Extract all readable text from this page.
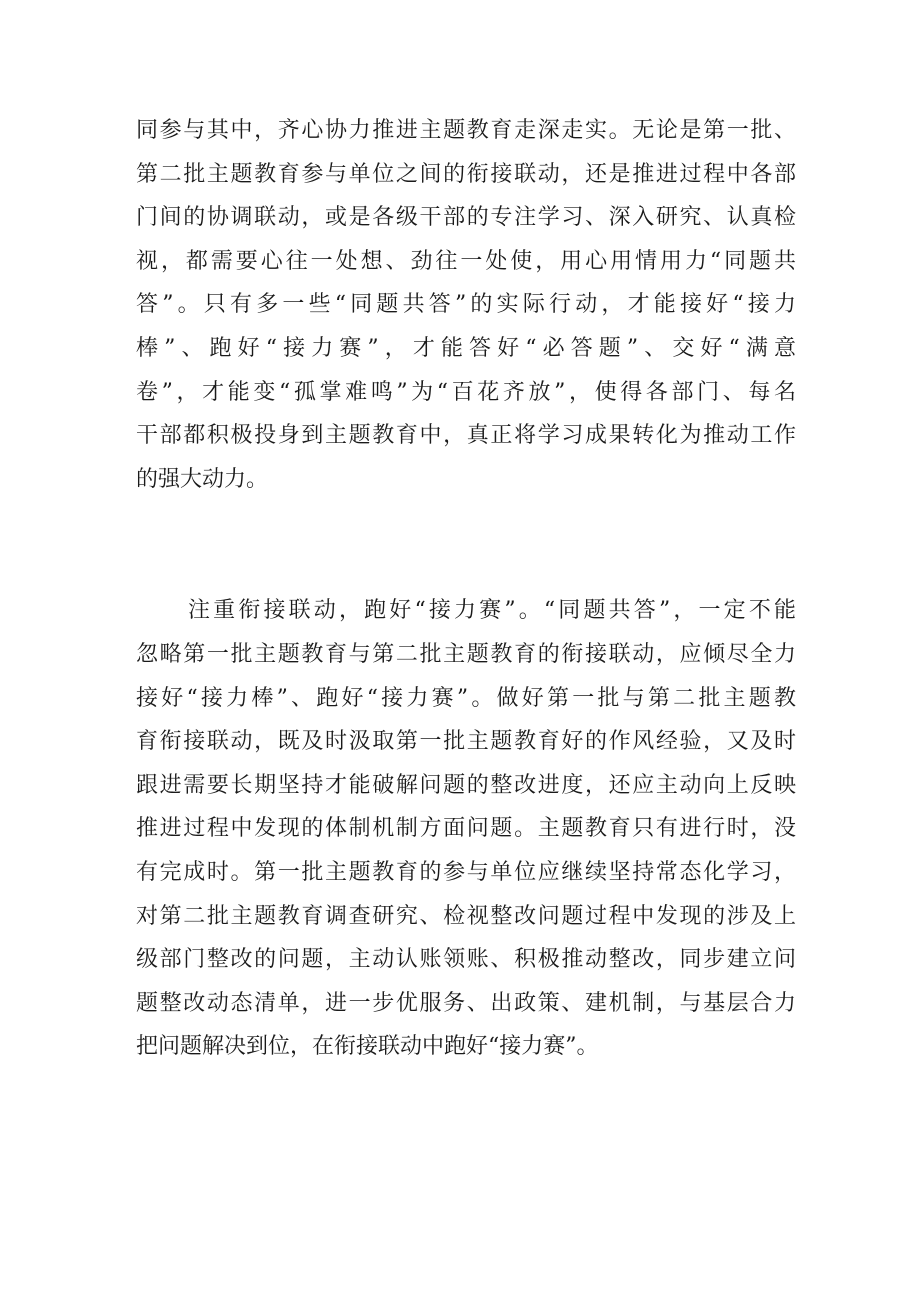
同参与其中，齐心协力推进主题教育走深走实。无论是第一批、
第二批主题教育参与单位之间的衔接联动，还是推进过程中各部
门间的协调联动，或是各级干部的专注学习、深入研究、认真检
视，都需要心往一处想、劲往一处使，用心用情用力“同题共
答”。只有多一些“同题共答”的实际行动，才能接好“接力
棒”、跑好“接力赛”，才能答好“必答题”、交好“满意
卷”，才能变“孤掌难鸣”为“百花齐放”，使得各部门、每名
干部都积极投身到主题教育中，真正将学习成果转化为推动工作
的强大动力。
注重衔接联动，跑好“接力赛”。“同题共答”，一定不能
忽略第一批主题教育与第二批主题教育的衔接联动，应倾尽全力
接好“接力棒”、跑好“接力赛”。做好第一批与第二批主题教
育衔接联动，既及时汲取第一批主题教育好的作风经验，又及时
跟进需要长期坚持才能破解问题的整改进度，还应主动向上反映
推进过程中发现的体制机制方面问题。主题教育只有进行时，没
有完成时。第一批主题教育的参与单位应继续坚持常态化学习，
对第二批主题教育调查研究、检视整改问题过程中发现的涉及上
级部门整改的问题，主动认账领账、积极推动整改，同步建立问
题整改动态清单，进一步优服务、出政策、建机制，与基层合力
把问题解决到位，在衔接联动中跑好“接力赛”。
